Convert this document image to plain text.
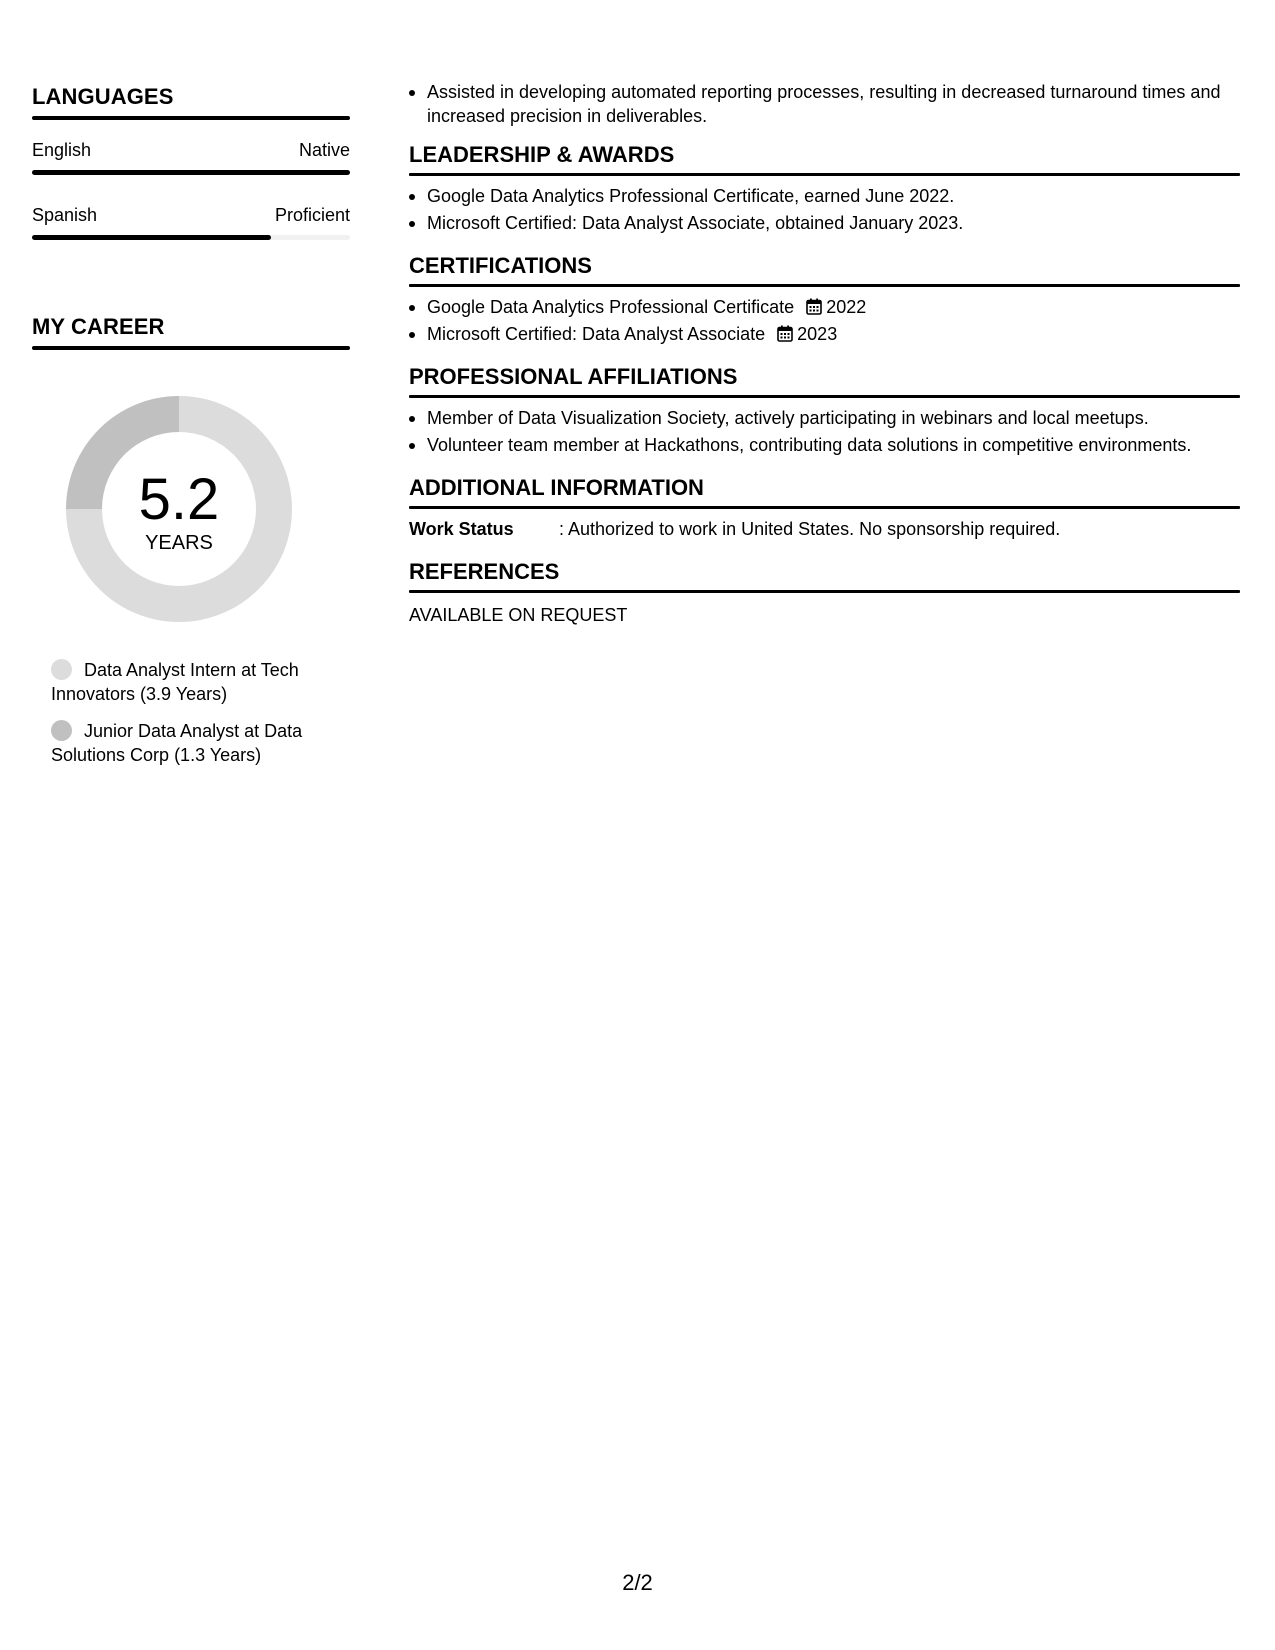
LANGUAGES
English	Native
Spanish	Proficient
MY CAREER
5.2
YEARS
Data Analyst Intern at Tech Innovators (3.9 Years)
Junior Data Analyst at Data Solutions Corp (1.3 Years)
Assisted in developing automated reporting processes, resulting in decreased turnaround times and increased precision in deliverables.
LEADERSHIP & AWARDS
Google Data Analytics Professional Certificate, earned June 2022.
Microsoft Certified: Data Analyst Associate, obtained January 2023.
CERTIFICATIONS
Google Data Analytics Professional Certificate 2022
Microsoft Certified: Data Analyst Associate 2023
PROFESSIONAL AFFILIATIONS
Member of Data Visualization Society, actively participating in webinars and local meetups.
Volunteer team member at Hackathons, contributing data solutions in competitive environments.
ADDITIONAL INFORMATION
Work Status	: Authorized to work in United States. No sponsorship required.
REFERENCES
AVAILABLE ON REQUEST
2/2
